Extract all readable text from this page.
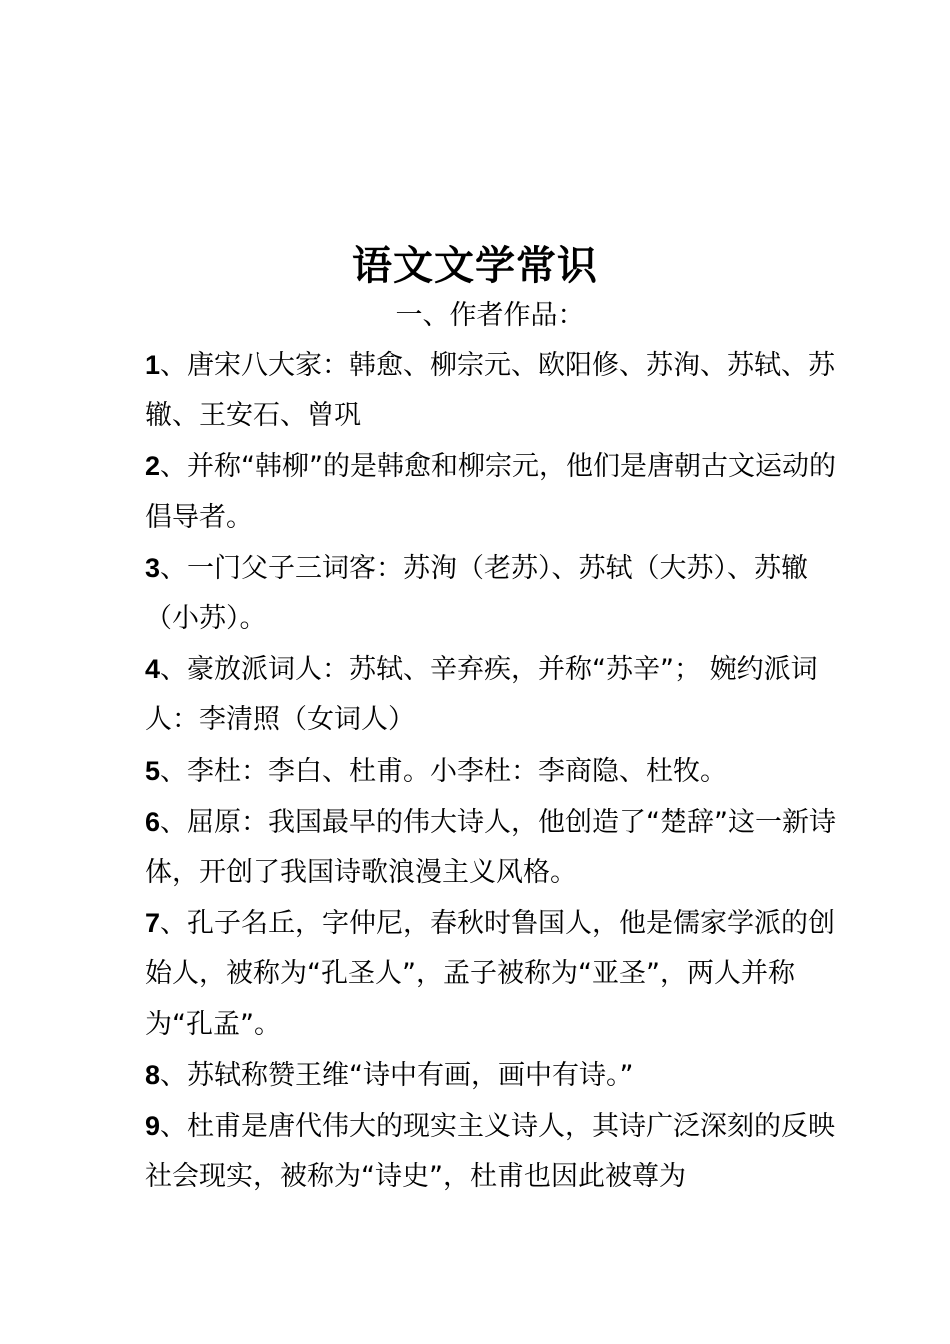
语文文学常识
一、作者作品：

1、唐宋八大家：韩愈、柳宗元、欧阳修、苏洵、苏轼、苏辙、王安石、曾巩

2、并称“韩柳”的是韩愈和柳宗元，他们是唐朝古文运动的倡导者。

3、一门父子三词客：苏洵（老苏）、苏轼（大苏）、苏辙（小苏）。

4、豪放派词人：苏轼、辛弃疾，并称“苏辛”； 婉约派词人：李清照（女词人）

5、李杜：李白、杜甫。小李杜：李商隐、杜牧。

6、屈原：我国最早的伟大诗人，他创造了“楚辞”这一新诗体，开创了我国诗歌浪漫主义风格。

7、孔子名丘，字仲尼，春秋时鲁国人，他是儒家学派的创始人，被称为“孔圣人”，孟子被称为“亚圣”，两人并称为“孔孟”。

8、苏轼称赞王维“诗中有画，画中有诗。”

9、杜甫是唐代伟大的现实主义诗人，其诗广泛深刻的反映社会现实，被称为“诗史”，杜甫也因此被尊为
